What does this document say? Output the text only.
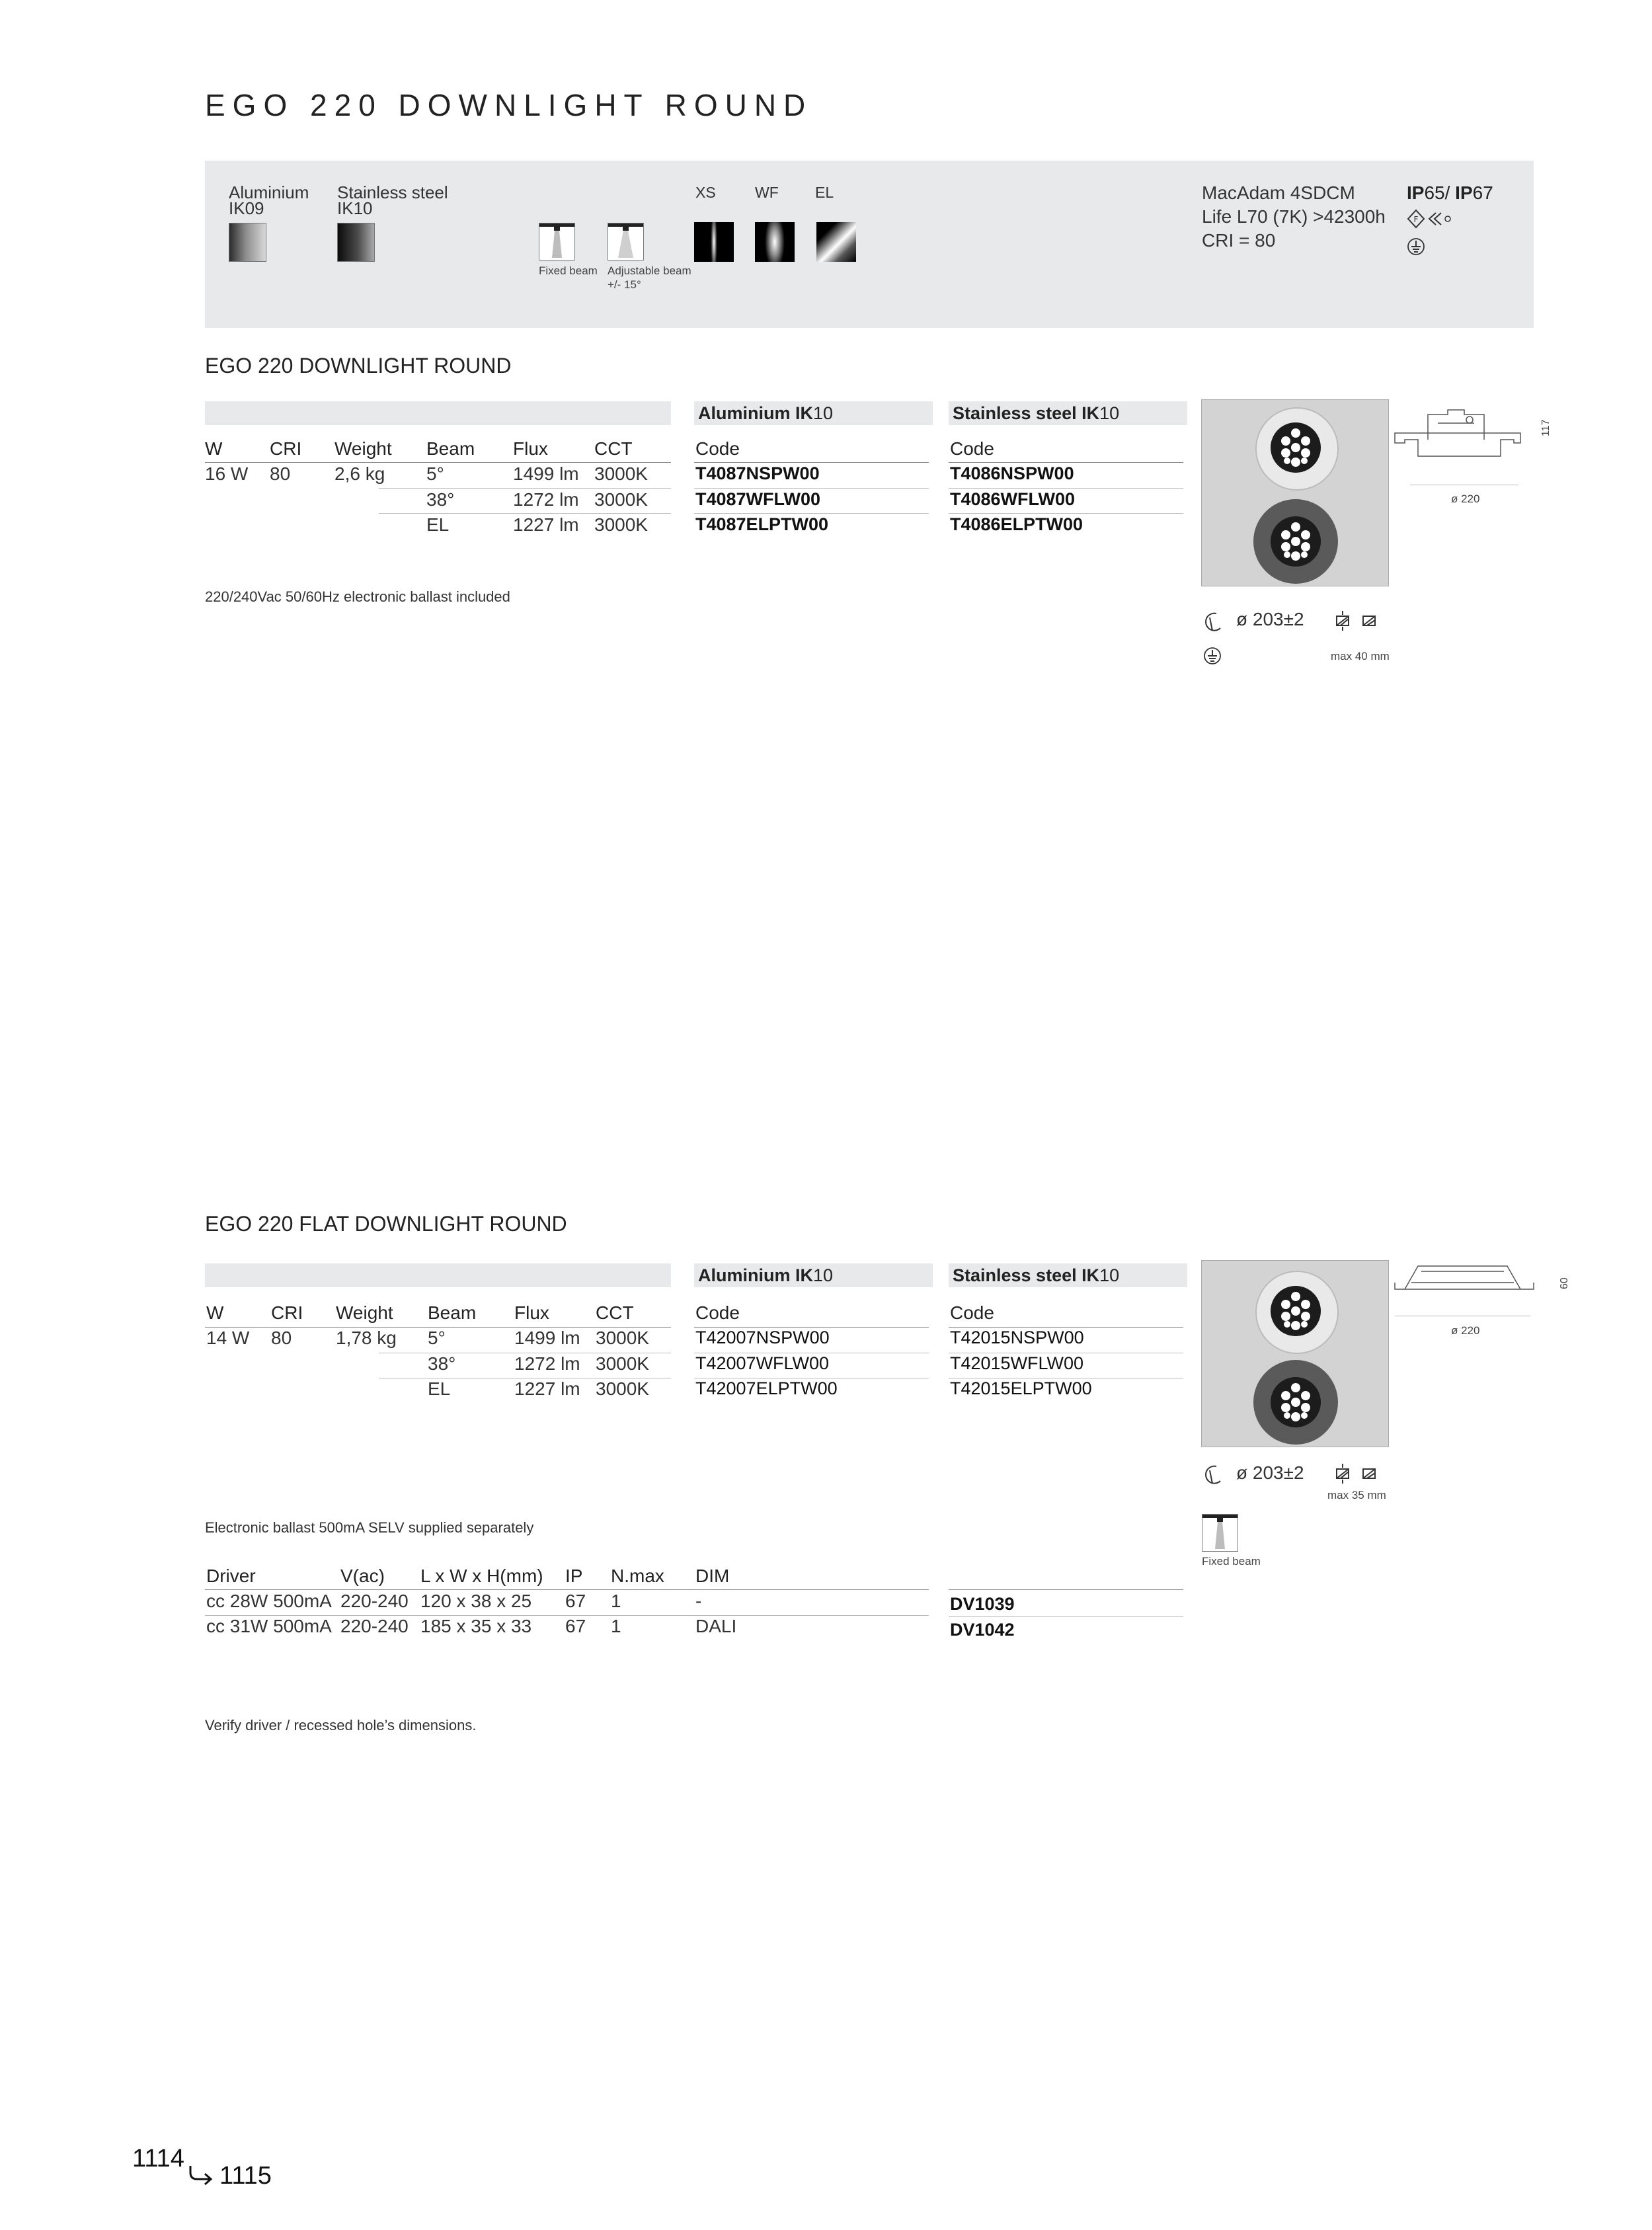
EGO 220 DOWNLIGHT ROUND
Aluminium
IK09
Stainless steel
IK10
Fixed beam Adjustable beam
+/- 15°
XS	WF EL	MacAdam 4SDCM
Life L70 (7K) >42300h
CRI = 80
IP65/ IP67
F
EGO 220 DOWNLIGHT ROUND
Aluminium IK10	Stainless steel IK10
W	CRI Weight Beam Flux	CCT	Code	Code
16 W 80 2,6 kg 5°	1499 lm 3000K	T4087NSPW00	T4086NSPW00
38°	1272 lm 3000K	T4087WFLW00	T4086WFLW00
EL	1227 lm 3000K	T4087ELPTW00	T4086ELPTW00
220/240Vac 50/60Hz electronic ballast included
117
ø 220
ø 203±2
max 40 mm
EGO 220 FLAT DOWNLIGHT ROUND
Aluminium IK10	Stainless steel IK10
W	CRI Weight Beam Flux	CCT	Code	Code
14 W 80 1,78 kg 5°	1499 lm 3000K	T42007NSPW00	T42015NSPW00
38°	1272 lm 3000K	T42007WFLW00	T42015WFLW00
EL	1227 lm 3000K	T42007ELPTW00	T42015ELPTW00
Electronic ballast 500mA SELV supplied separately
60
ø 220
ø 203±2
max 35 mm
Fixed beam
Driver	V(ac) L x W x H(mm) IP N.max DIM
cc 28W 500mA 220-240 120 x 38 x 25 67 1	-	DV1039
cc 31W 500mA 220-240 185 x 35 x 33 67 1	DALI	DV1042
Verify driver / recessed hole’s dimensions.
1114
1115
